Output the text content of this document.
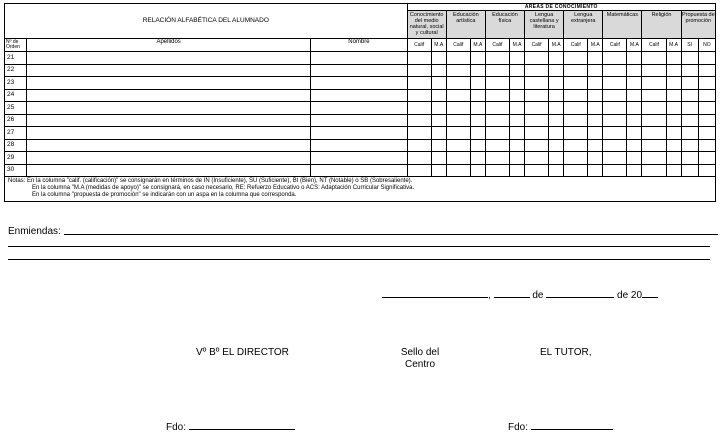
RELACIÓN ALFABÉTICA DEL ALUMNADO			ÁREAS DE CONOCIMIENTO															
			Conocimiento del medio natural, social y cultural		Educación artística		Educación física		Lengua castellana y literatura		Lengua extranjera		Matemáticas		Religión		Propuesta de promoción	
Nº de Orden	Apellidos	Nombre	Calif	M.A	Calif	M.A	Calif	M.A	Calif	M.A	Calif	M.A	Calif	M.A	Calif	M.A	SI	NO
21																		
22																		
23																		
24																		
25																		
26																		
27																		
28																		
29																		
30																		

Notas: En la columna "calif. (calificación)" se consignarán en términos de IN (Insuficiente), SU (Suficiente), BI (Bien), NT (Notable) o SB (Sobresaliente).
En la columna "M.A (medidas de apoyo)" se consignará, en caso necesario, RE: Refuerzo Educativo o ACS: Adaptación Curricular Significativa.
En la columna "propuesta de promoción" se indicarán con un aspa en la columna que corresponda.																		
Enmiendas:
,	de	de 20
Vº Bº EL DIRECTOR	Sello del Centro
EL TUTOR,
Fdo:	Fdo:
